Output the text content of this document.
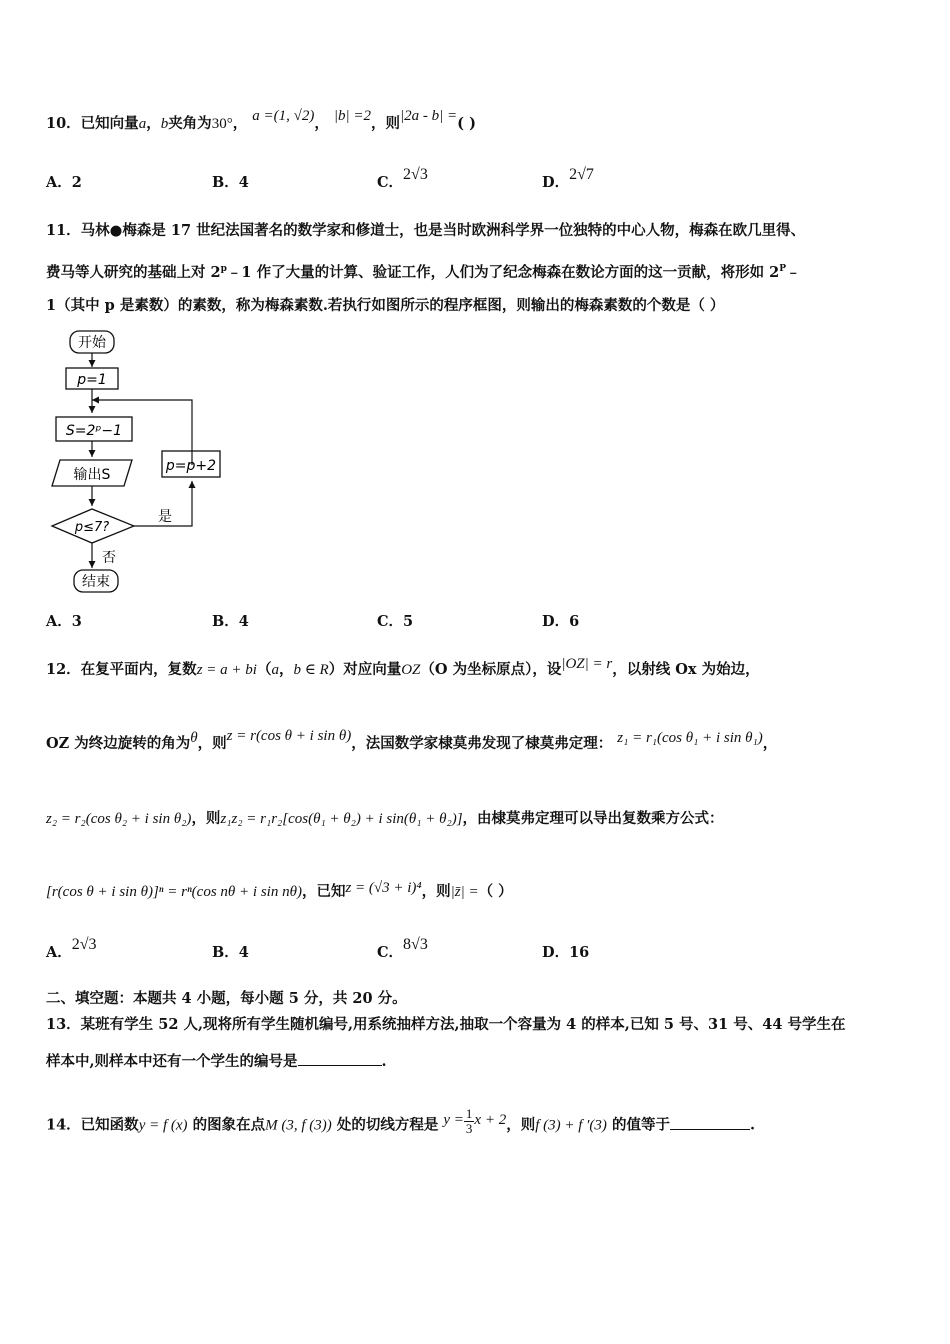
10．已知向量a，b夹角为30°， a =(1, √2)， |b| =2，则|2a - b| =( )
A．2	B．4	C．2√3	D．2√7
11．马林●梅森是 17 世纪法国著名的数学家和修道士，也是当时欧洲科学界一位独特的中心人物，梅森在欧几里得、
费马等人研究的基础上对 2$^p$﹣1 作了大量的计算、验证工作，人们为了纪念梅森在数论方面的这一贡献，将形如 $2^P﹣$
1（其中 p 是素数）的素数，称为梅森素数.若执行如图所示的程序框图，则输出的梅森素数的个数是（ ）
开始
p=1
S=2ᵖ−1
输出S
p≤7?
p=p+2
是
否
结束
A．3	B．4	C．5	D．6
12．在复平面内，复数z = a + bi（a，b ∈ R）对应向量OZ（O 为坐标原点），设|OZ| = r，以射线 Ox 为始边，
OZ 为终边旋转的角为θ，则z = r(cos θ + i sin θ)，法国数学家棣莫弗发现了棣莫弗定理： z₁ = r₁(cos θ₁ + i sin θ₁)，
z₂ = r₂(cos θ₂ + i sin θ₂)，则z₁z₂ = r₁r₂[cos(θ₁ + θ₂) + i sin(θ₁ + θ₂)]，由棣莫弗定理可以导出复数乘方公式：
[r(cos θ + i sin θ)]ⁿ = rⁿ(cos nθ + i sin nθ)，已知z = (√3 + i)⁴，则|z̄| =（ ）
A．2√3	B．4	C．8√3	D．16
二、填空题：本题共 4 小题，每小题 5 分，共 20 分。
13．某班有学生 52 人,现将所有学生随机编号,用系统抽样方法,抽取一个容量为 4 的样本,已知 5 号、31 号、44 号学生在
样本中,则样本中还有一个学生的编号是	.
14．已知函数y = f (x) 的图象在点M (3, f (3)) 处的切线方程是 $y = \frac{1}{3}$ x + 2，则f (3) + f ′(3) 的值等于	.
